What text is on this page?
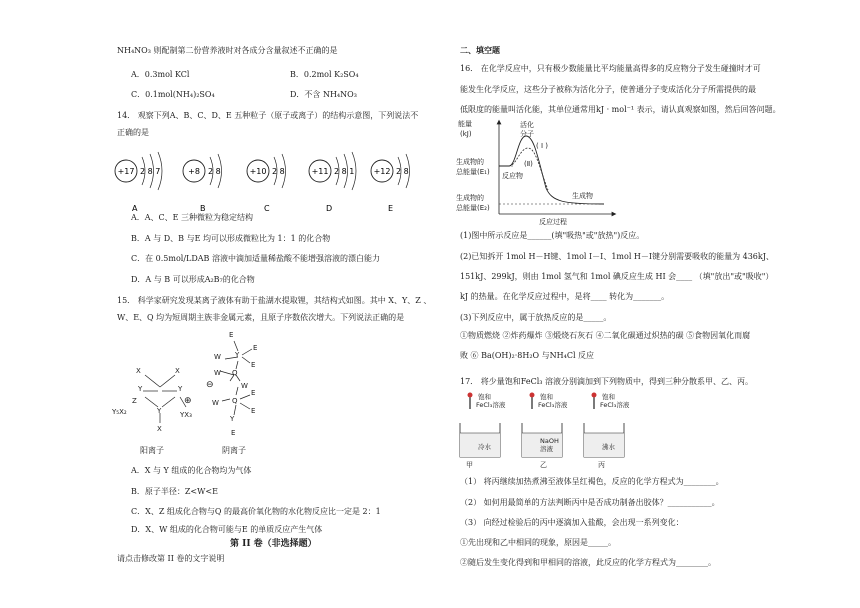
NH₄NO₃ 则配制第二份营养液时对各成分含量叙述不正确的是
A．0.3mol KCl	B．0.2mol K₂SO₄
C．0.1mol(NH₄)₂SO₄	D．不含 NH₄NO₃
14． 观察下列A、B、C、D、E 五种粒子（原子或离子）的结构示意图，下列说法不
正确的是
+17 2 8 7
A
+8 2 8
B
+10 2 8
C
+11 2 8 1
D
+12 2 8
E
A．A、C、E 三种微粒为稳定结构
B．A 与 D、B 与E 均可以形成微粒比为 1：1 的化合物
C．在 0.5mol/LDAB 溶液中滴加适量稀盐酸不能增强溶液的漂白能力
D．A 与 B 可以形成A₂B₇的化合物
15． 科学家研究发现某离子液体有助于盐湖水提取锂，其结构式如图。其中 X、Y、Z 、
W、E、Q 均为短周期主族非金属元素，且原子序数依次增大。下列说法正确的是
X	X
Y	Y
Z
Y
X
Y₅X₂	YX₃
⊕
E
Y
W
E
E
Q
W
W
⊖
Q
W
E
E
Y
E
阳离子	阴离子
A．X 与 Y 组成的化合物均为气体
B．原子半径：Z<W<E
C．X、Z 组成化合物与Q 的最高价氧化物的水化物反应比一定是 2：1
D．X、W 组成的化合物可能与E 的单质反应产生气体
第 II 卷（非选择题）
请点击修改第 II 卷的文字说明
二、填空题
16． 在化学反应中，只有极少数能量比平均能量高得多的反应物分子发生碰撞时才可
能发生化学反应，这些分子被称为活化分子，使普通分子变成活化分子所需提供的最
低限度的能量叫活化能，其单位通常用kJ · mol⁻¹ 表示，请认真观察如图，然后回答问题。
能量
(kJ)
活化
分子
( I )
(Ⅱ)
反应物
生成物
生成物的
总能量(E₁)
生成物的
总能量(E₂)
反应过程
(1)图中所示反应是______(填"吸热"或"放热")反应。
(2)已知拆开 1mol H－H键、1mol I－I、1mol H－I键分别需要吸收的能量为 436kJ、
151kJ、299kJ，则由 1mol 氢气和 1mol 碘反应生成 HI 会____ （填"放出"或"吸收"）
kJ 的热量。在化学反应过程中，是将____ 转化为_______。
(3)下列反应中，属于放热反应的是_____。
①物质燃烧 ②炸药爆炸 ③煅烧石灰石 ④二氧化碳通过炽热的碳 ⑤食物因氧化而腐
败 ⑥ Ba(OH)₂·8H₂O 与NH₄Cl 反应
17． 将少量饱和FeCl₃ 溶液分别滴加到下列物质中，得到三种分散系甲、乙、丙。
饱和
FeCl₃溶液
冷水
甲
饱和
FeCl₃溶液
NaOH
溶液
乙
饱和
FeCl₃溶液
沸水
丙
（1） 将丙继续加热煮沸至液体呈红褐色，反应的化学方程式为________。
（2） 如何用最简单的方法判断丙中是否成功制备出胶体？___________。
（3） 向经过检验后的丙中逐滴加入盐酸，会出现一系列变化：
①先出现和乙中相同的现象，原因是_____。
②随后发生变化得到和甲相同的溶液，此反应的化学方程式为________。
